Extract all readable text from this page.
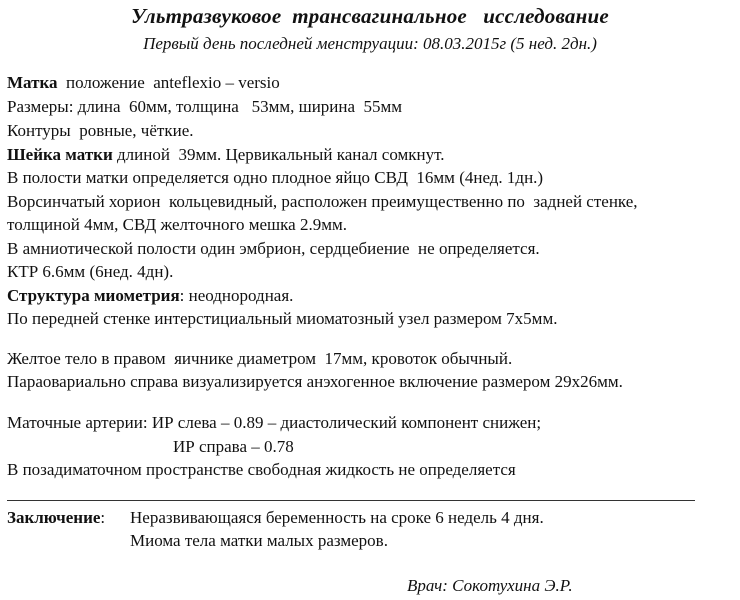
Ультразвуковое  трансвагинальное   исследование
Первый день последней менструации: 08.03.2015г (5 нед. 2дн.)
Матка  положение  anteflexio – versio
Размеры: длина  60мм, толщина   53мм, ширина  55мм
Контуры  ровные, чёткие.
Шейка матки длиной  39мм. Цервикальный канал сомкнут.
В полости матки определяется одно плодное яйцо СВД  16мм (4нед. 1дн.)
Ворсинчатый хорион  кольцевидный, расположен преимущественно по  задней стенке,
толщиной 4мм, СВД желточного мешка 2.9мм.
В амниотической полости один эмбрион, сердцебиение  не определяется.
КТР 6.6мм (6нед. 4дн).
Структура миометрия: неоднородная.
По передней стенке интерстициальный миоматозный узел размером 7х5мм.
Желтое тело в правом  яичнике диаметром  17мм, кровоток обычный.
Параовариально справа визуализируется анэхогенное включение размером 29х26мм.
Маточные артерии: ИР слева – 0.89 – диастолический компонент снижен;
ИР справа – 0.78
В позадиматочном пространстве свободная жидкость не определяется
Заключение: Неразвивающаяся беременность на сроке 6 недель 4 дня.
Миома тела матки малых размеров.
Врач: Сокотухина Э.Р.
